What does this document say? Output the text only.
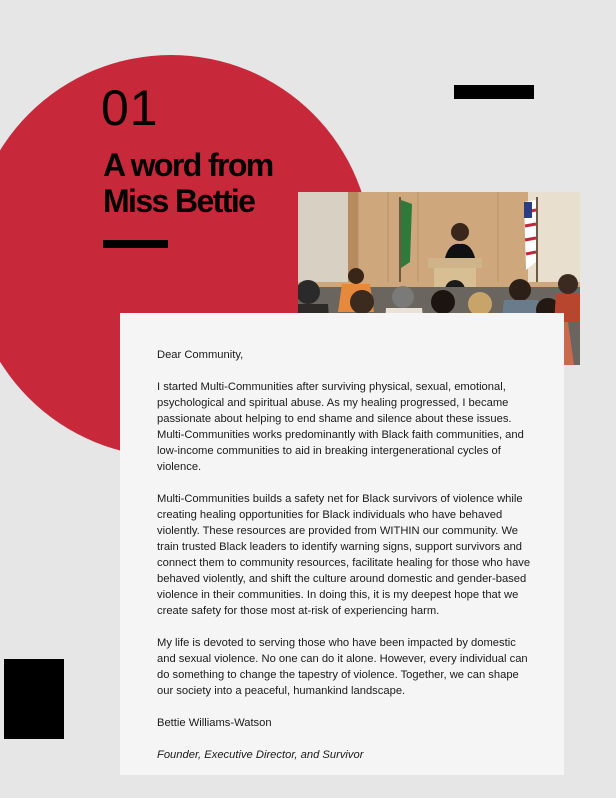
01
A word from Miss Bettie

Dear Community,

I started Multi-Communities after surviving physical, sexual, emotional, psychological and spiritual abuse. As my healing progressed, I became passionate about helping to end shame and silence about these issues. Multi-Communities works predominantly with Black faith communities, and low-income communities to aid in breaking intergenerational cycles of violence.

Multi-Communities builds a safety net for Black survivors of violence while creating healing opportunities for Black individuals who have behaved violently. These resources are provided from WITHIN our community. We train trusted Black leaders to identify warning signs, support survivors and connect them to community resources, facilitate healing for those who have behaved violently, and shift the culture around domestic and gender-based violence in their communities. In doing this, it is my deepest hope that we create safety for those most at-risk of experiencing harm.

My life is devoted to serving those who have been impacted by domestic and sexual violence. No one can do it alone. However, every individual can do something to change the tapestry of violence. Together, we can shape our society into a peaceful, humankind landscape.

Bettie Williams-Watson

Founder, Executive Director, and Survivor
